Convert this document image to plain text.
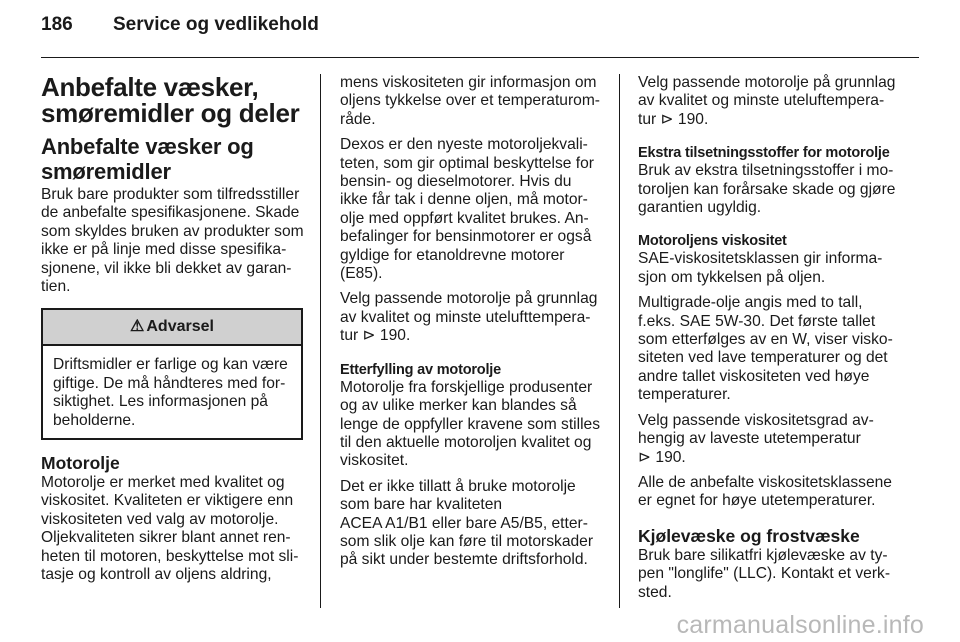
186 Service og vedlikehold
Anbefalte væsker,
smøremidler og deler
Anbefalte væsker og
smøremidler

Bruk bare produkter som tilfredsstiller
de anbefalte spesifikasjonene. Skade
som skyldes bruken av produkter som
ikke er på linje med disse spesifika-
sjonene, vil ikke bli dekket av garan-
tien.

⚠ Advarsel
Driftsmidler er farlige og kan være
giftige. De må håndteres med for-
siktighet. Les informasjonen på
beholderne.
Motorolje

Motorolje er merket med kvalitet og
viskositet. Kvaliteten er viktigere enn
viskositeten ved valg av motorolje.
Oljekvaliteten sikrer blant annet ren-
heten til motoren, beskyttelse mot sli-
tasje og kontroll av oljens aldring,

mens viskositeten gir informasjon om
oljens tykkelse over et temperaturom-
råde.

Dexos er den nyeste motoroljekvali-
teten, som gir optimal beskyttelse for
bensin- og dieselmotorer. Hvis du
ikke får tak i denne oljen, må motor-
olje med oppført kvalitet brukes. An-
befalinger for bensinmotorer er også
gyldige for etanoldrevne motorer
(E85).

Velg passende motorolje på grunnlag
av kvalitet og minste utelufttempera-
tur ⊳ 190.

Etterfylling av motorolje

Motorolje fra forskjellige produsenter
og av ulike merker kan blandes så
lenge de oppfyller kravene som stilles
til den aktuelle motoroljen kvalitet og
viskositet.

Det er ikke tillatt å bruke motorolje
som bare har kvaliteten
ACEA A1/B1 eller bare A5/B5, etter-
som slik olje kan føre til motorskader
på sikt under bestemte driftsforhold.

Velg passende motorolje på grunnlag
av kvalitet og minste uteluftempera-
tur ⊳ 190.

Ekstra tilsetningsstoffer for motorolje

Bruk av ekstra tilsetningsstoffer i mo-
toroljen kan forårsake skade og gjøre
garantien ugyldig.

Motoroljens viskositet

SAE-viskositetsklassen gir informa-
sjon om tykkelsen på oljen.

Multigrade-olje angis med to tall,
f.eks. SAE 5W-30. Det første tallet
som etterfølges av en W, viser visko-
siteten ved lave temperaturer og det
andre tallet viskositeten ved høye
temperaturer.

Velg passende viskositetsgrad av-
hengig av laveste utetemperatur
⊳ 190.

Alle de anbefalte viskositetsklassene
er egnet for høye utetemperaturer.

Kjølevæske og frostvæske

Bruk bare silikatfri kjølevæske av ty-
pen "longlife" (LLC). Kontakt et verk-
sted.

carmanualsonline.info
